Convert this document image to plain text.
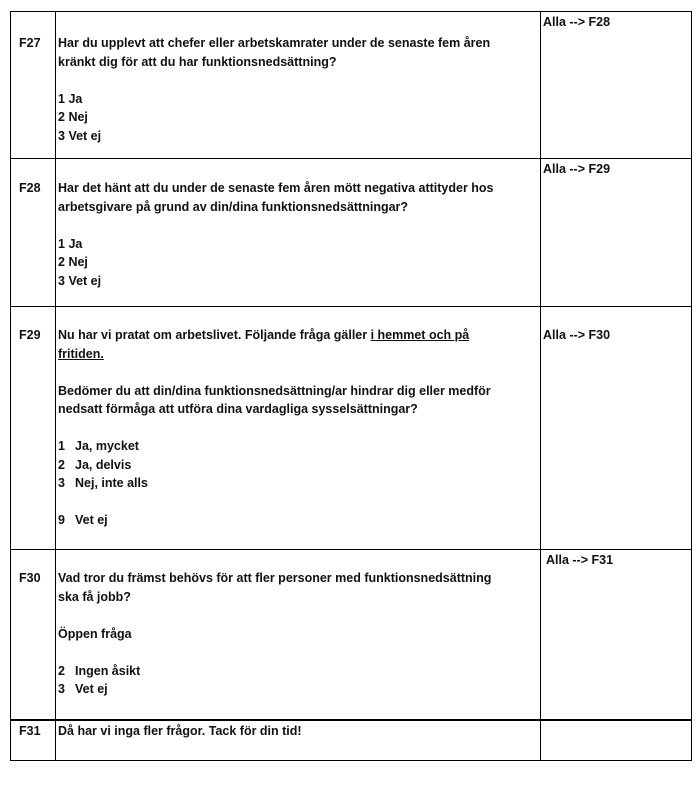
F27	Har du upplevt att chefer eller arbetskamrater under de senaste fem åren
kränkt dig för att du har funktionsnedsättning?
1
Ja
2
Nej
3
Vet ej
Alla --> F28
F28	Har det hänt att du under de senaste fem åren mött negativa attityder hos
arbetsgivare på grund av din/dina funktionsnedsättningar?
1
Ja
2
Nej
3
Vet ej
Alla --> F29
F29	Nu har vi pratat om arbetslivet. Följande fråga gäller i hemmet och på
fritiden.
Bedömer du att din/dina funktionsnedsättning/ar hindrar dig eller medför
nedsatt förmåga att utföra dina vardagliga sysselsättningar?
1 Ja, mycket
2 Ja, delvis
3 Nej, inte alls
9 Vet ej
Alla --> F30
F30	Vad tror du främst behövs för att fler personer med funktionsnedsättning
ska få jobb?
Öppen fråga
2 Ingen åsikt
3 Vet ej
Alla --> F31
F31	Då har vi inga fler frågor. Tack för din tid!
